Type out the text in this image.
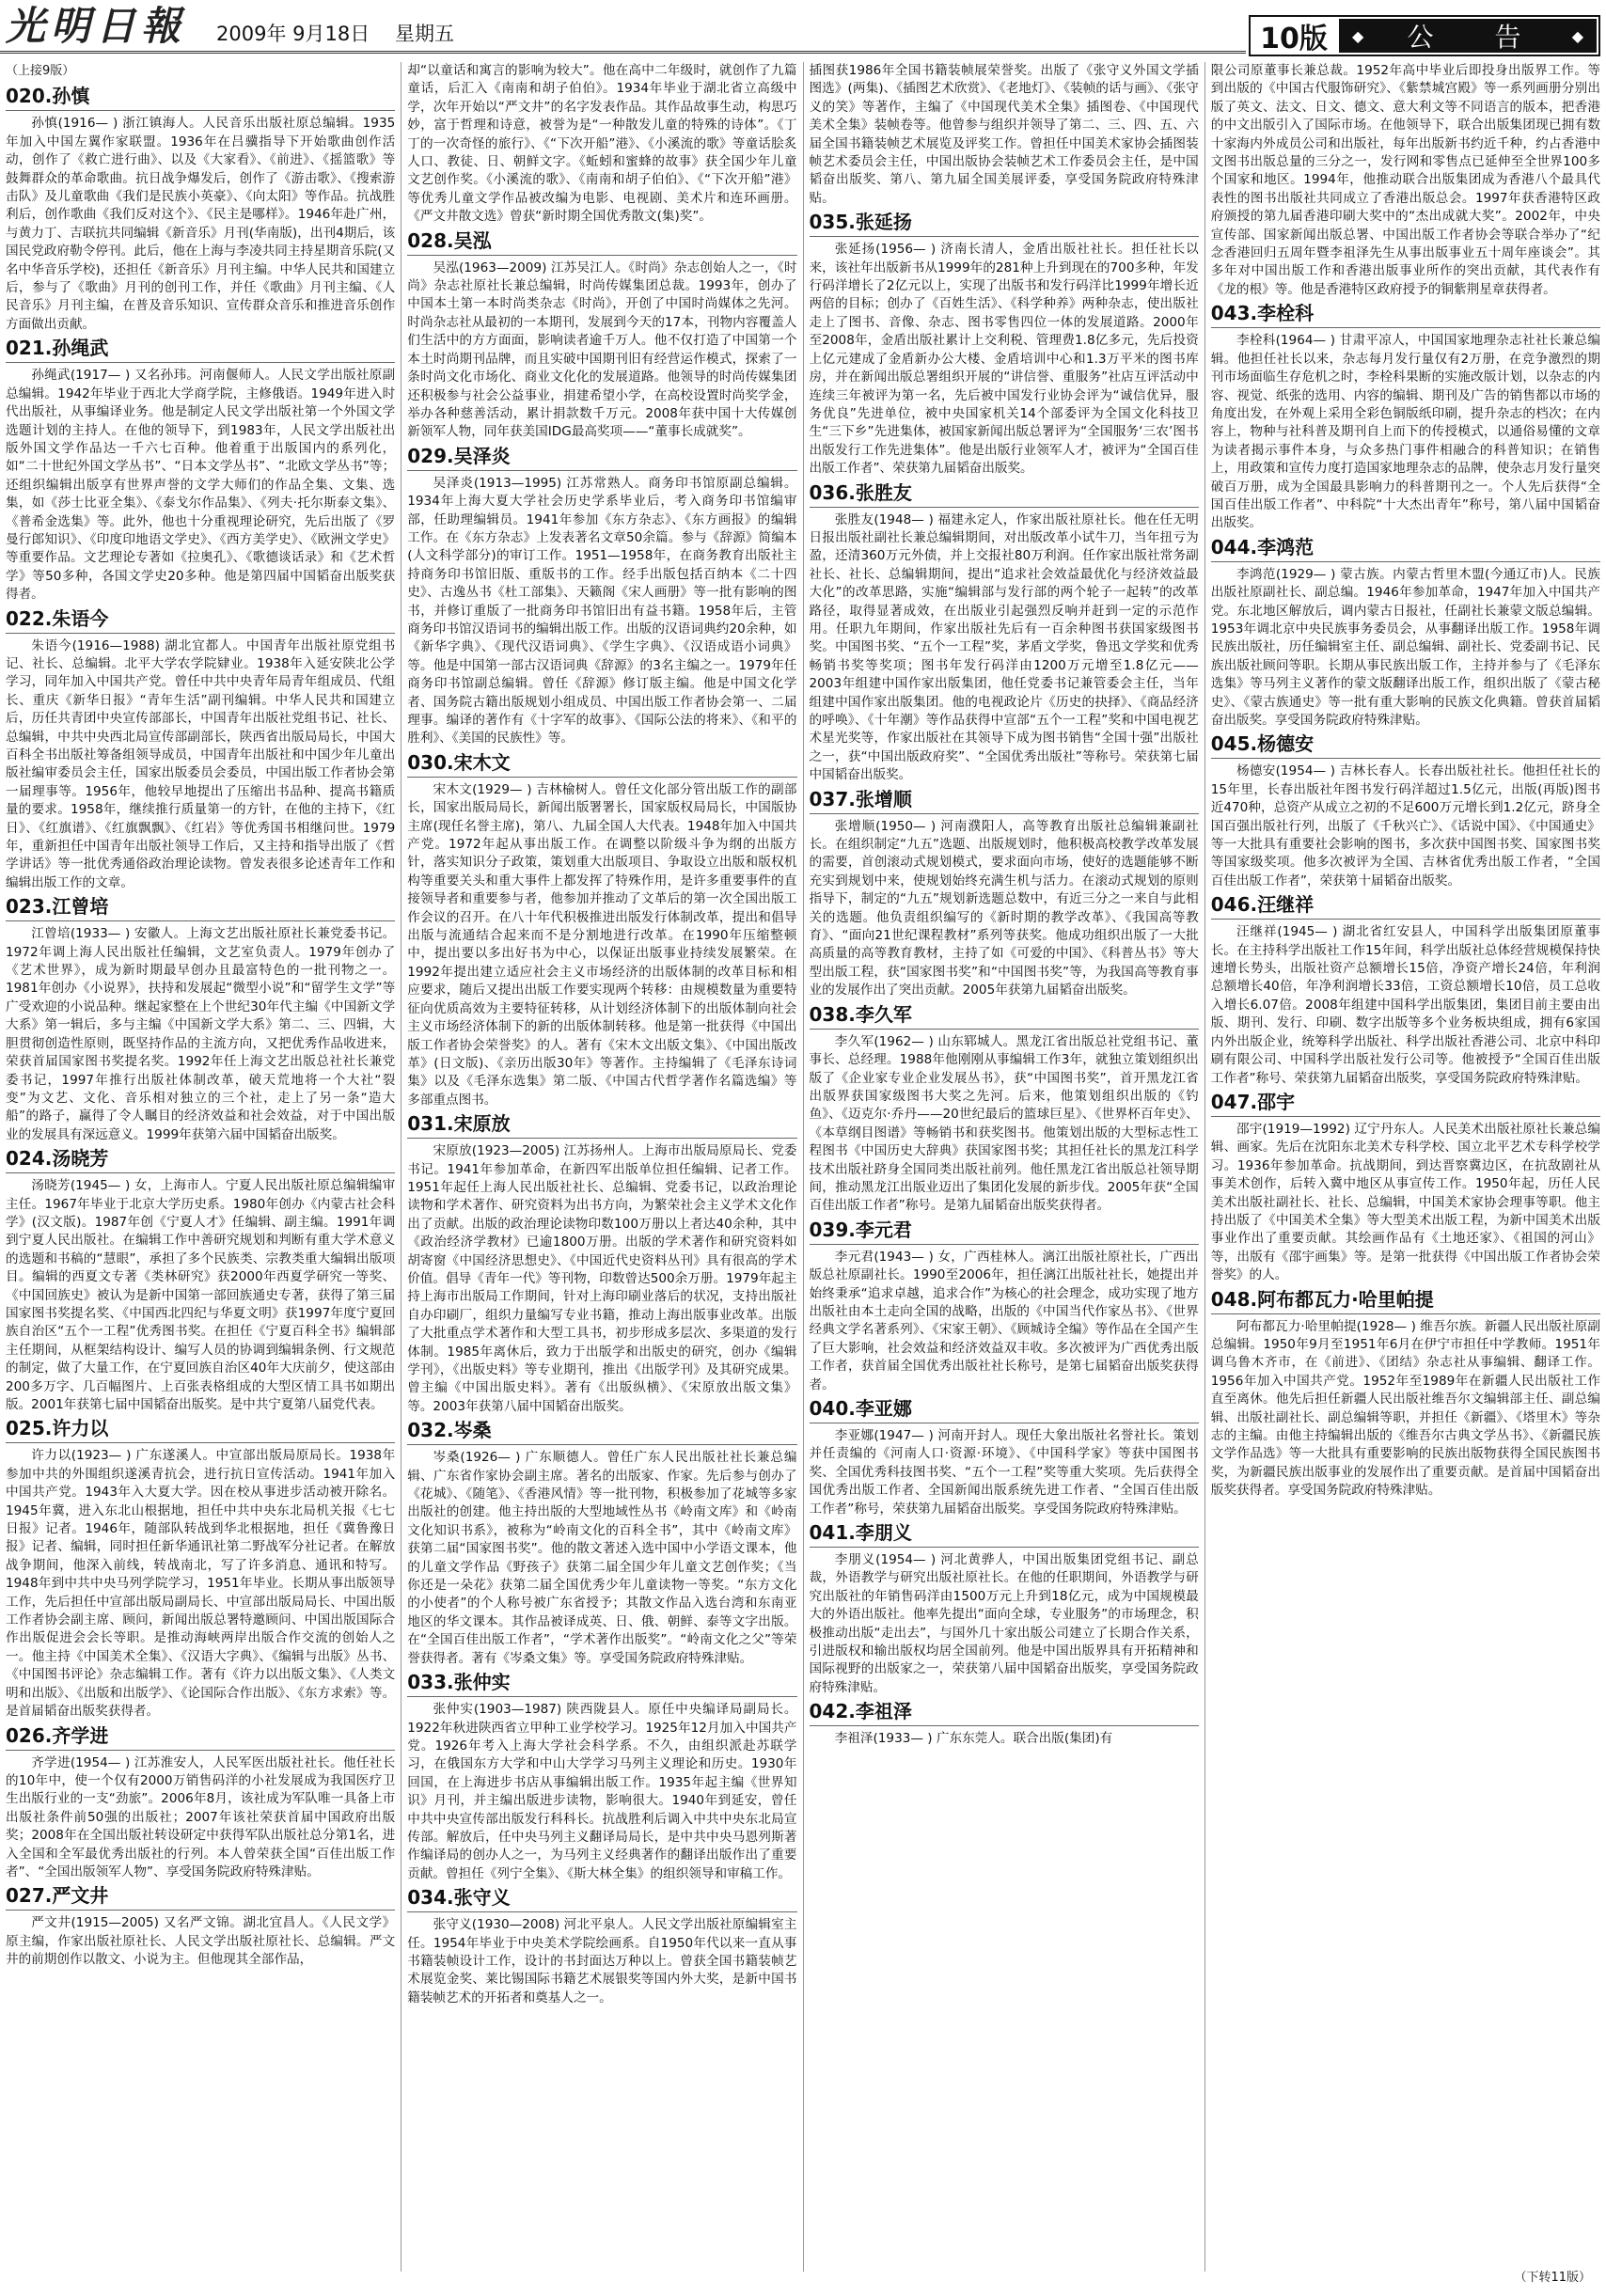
光明日報 2009年 9月18日 星期五	10版	◆ 公 告 ◆

（上接9版）

020.孙慎

孙慎(1916— ) 浙江镇海人。人民音乐出版社原总编辑。1935年加入中国左翼作家联盟。1936年在吕骥指导下开始歌曲创作活动，创作了《救亡进行曲》、以及《大家看》、《前进》、《摇篮歌》等鼓舞群众的革命歌曲。抗日战争爆发后，创作了《游击歌》、《搜索游击队》及儿童歌曲《我们是民族小英豪》、《向太阳》等作品。抗战胜利后，创作歌曲《我们反对这个》、《民主是哪样》。1946年赴广州，与黄力丁、吉联抗共同编辑《新音乐》月刊(华南版)，出刊4期后，该国民党政府勒令停刊。此后，他在上海与李凌共同主持星期音乐院(又名中华音乐学校)，还担任《新音乐》月刊主编。中华人民共和国建立后，参与了《歌曲》月刊的创刊工作，并任《歌曲》月刊主编、《人民音乐》月刊主编，在普及音乐知识、宣传群众音乐和推进音乐创作方面做出贡献。

021.孙绳武

孙绳武(1917— ) 又名孙玮。河南偃师人。人民文学出版社原副总编辑。1942年毕业于西北大学商学院，主修俄语。1949年进入时代出版社，从事编译业务。他是制定人民文学出版社第一个外国文学选题计划的主持人。在他的领导下，到1983年，人民文学出版社出版外国文学作品达一千六七百种。他着重于出版国内的系列化，如“二十世纪外国文学丛书”、“日本文学丛书”、“北欧文学丛书”等；还组织编辑出版享有世界声誉的文学大师们的作品全集、文集、选集，如《莎士比亚全集》、《泰戈尔作品集》、《列夫·托尔斯泰文集》、《普希金选集》等。此外，他也十分重视理论研究，先后出版了《罗曼行郎知识》、《印度印地语文学史》、《西方美学史》、《欧洲文学史》等重要作品。文艺理论专著如《拉奥孔》、《歌德谈话录》和《艺术哲学》等50多种，各国文学史20多种。他是第四届中国韬奋出版奖获得者。

022.朱语今

朱语今(1916—1988) 湖北宜都人。中国青年出版社原党组书记、社长、总编辑。北平大学农学院肄业。1938年入延安陕北公学学习，同年加入中国共产党。曾任中共中央青年局青年组成员、代组长、重庆《新华日报》“青年生活”副刊编辑。中华人民共和国建立后，历任共青团中央宣传部部长，中国青年出版社党组书记、社长、总编辑，中共中央西北局宣传部副部长，陕西省出版局局长，中国大百科全书出版社筹备组领导成员，中国青年出版社和中国少年儿童出版社编审委员会主任，国家出版委员会委员，中国出版工作者协会第一届理事等。1956年，他较早地提出了压缩出书品种、提高书籍质量的要求。1958年，继续推行质量第一的方针，在他的主持下，《红日》、《红旗谱》、《红旗飘飘》、《红岩》等优秀国书相继问世。1979年，重新担任中国青年出版社领导工作后，又主持和指导出版了《哲学讲话》等一批优秀通俗政治理论读物。曾发表很多论述青年工作和编辑出版工作的文章。

023.江曾培

江曾培(1933— ) 安徽人。上海文艺出版社原社长兼党委书记。1972年调上海人民出版社任编辑，文艺室负责人。1979年创办了《艺术世界》，成为新时期最早创办且最富特色的一批刊物之一。1981年创办《小说界》，扶持和发展起“微型小说”和“留学生文学”等广受欢迎的小说品种。继起家整在上个世纪30年代主编《中国新文学大系》第一辑后，多与主编《中国新文学大系》第二、三、四辑，大胆贯彻创造性原则，既坚持作品的主流方向，又把优秀作品收进来，荣获首届国家图书奖提名奖。1992年任上海文艺出版总社社长兼党委书记，1997年推行出版社体制改革，破天荒地将一个大社“裂变”为文艺、文化、音乐相对独立的三个社，走上了另一条“造大船”的路子，赢得了令人瞩目的经济效益和社会效益，对于中国出版业的发展具有深远意义。1999年获第六届中国韬奋出版奖。

024.汤晓芳

汤晓芳(1945— ) 女，上海市人。宁夏人民出版社原总编辑编审主任。1967年毕业于北京大学历史系。1980年创办《内蒙古社会科学》(汉文版)。1987年创《宁夏人才》任编辑、副主编。1991年调到宁夏人民出版社。在编辑工作中善研究规划和判断有重大学术意义的选题和书稿的“慧眼”，承担了多个民族类、宗教类重大编辑出版项目。编辑的西夏文专著《类林研究》获2000年西夏学研究一等奖、《中国回族史》被认为是新中国第一部回族通史专著，获得了第三届国家图书奖提名奖、《中国西北四纪与华夏文明》获1997年度宁夏回族自治区“五个一工程”优秀图书奖。在担任《宁夏百科全书》编辑部主任期间，从框架结构设计、编写人员的协调到编辑条例、行文规范的制定，做了大量工作，在宁夏回族自治区40年大庆前夕，使这部由200多万字、几百幅图片、上百张表格组成的大型区情工具书如期出版。2001年获第七届中国韬奋出版奖。是中共宁夏第八届党代表。

025.许力以

许力以(1923— ) 广东遂溪人。中宣部出版局原局长。1938年参加中共的外围组织遂溪青抗会，进行抗日宣传活动。1941年加入中国共产党。1943年入大夏大学。因在校从事进步活动被开除名。1945年冀，进入东北山根据地，担任中共中央东北局机关报《七七日报》记者。1946年，随部队转战到华北根据地，担任《冀鲁豫日报》记者、编辑，同时担任新华通讯社第二野战军分社记者。在解放战争期间，他深入前线，转战南北，写了许多消息、通讯和特写。1948年到中共中央马列学院学习，1951年毕业。长期从事出版领导工作，先后担任中宣部出版局副局长、中宣部出版局局长、中国出版工作者协会副主席、顾问，新闻出版总署特邀顾问、中国出版国际合作出版促进会会长等职。是推动海峡两岸出版合作交流的创始人之一。他主持《中国美术全集》、《汉语大字典》、《编辑与出版》丛书、《中国图书评论》杂志编辑工作。著有《许力以出版文集》、《人类文明和出版》、《出版和出版学》、《论国际合作出版》、《东方求索》等。是首届韬奋出版奖获得者。

026.齐学进

齐学进(1954— ) 江苏淮安人，人民军医出版社社长。他任社长的10年中，使一个仅有2000万销售码洋的小社发展成为我国医疗卫生出版行业的一支“劲旅”。2006年8月，该社成为军队唯一具备上市出版社条件前50强的出版社；2007年该社荣获首届中国政府出版奖；2008年在全国出版社转设研定中获得军队出版社总分第1名，进入全国和全军最优秀出版社的行列。本人曾荣获全国“百佳出版工作者”、“全国出版领军人物”、享受国务院政府特殊津贴。

027.严文井

严文井(1915—2005) 又名严文锦。湖北宜昌人。《人民文学》原主编，作家出版社原社长、人民文学出版社原社长、总编辑。严文井的前期创作以散文、小说为主。但他现其全部作品，

却“以童话和寓言的影响为较大”。他在高中二年级时，就创作了九篇童话，后汇入《南南和胡子伯伯》。1934年毕业于湖北省立高级中学，次年开始以“严文井”的名字发表作品。其作品故事生动，构思巧妙，富于哲理和诗意，被誉为是“一种散发儿童的特殊的诗体”。《丁丁的一次奇怪的旅行》、《“下次开船”港》、《小溪流的歌》等童话脍炙人口、教徒、日、朝鲜文字。《蚯蚓和蜜蜂的故事》获全国少年儿童文艺创作奖。《小溪流的歌》、《南南和胡子伯伯》、《“下次开船”港》等优秀儿童文学作品被改编为电影、电视剧、美术片和连环画册。《严文井散文选》曾获“新时期全国优秀散文(集)奖”。

028.吴泓

吴泓(1963—2009) 江苏吴江人。《时尚》杂志创始人之一，《时尚》杂志社原社长兼总编辑，时尚传媒集团总裁。1993年，创办了中国本土第一本时尚类杂志《时尚》，开创了中国时尚媒体之先河。时尚杂志社从最初的一本期刊，发展到今天的17本，刊物内容覆盖人们生活中的方方面面，影响读者逾千万人。他不仅打造了中国第一个本土时尚期刊品牌，而且实破中国期刊旧有经营运作模式，探索了一条时尚文化市场化、商业文化化的发展道路。他领导的时尚传媒集团还积极参与社会公益事业，捐建希望小学，在高校设置时尚奖学金，举办各种慈善活动，累计捐款数千万元。2008年获中国十大传媒创新领军人物，同年获美国IDG最高奖项——“董事长成就奖”。

029.吴泽炎

吴泽炎(1913—1995) 江苏常熟人。商务印书馆原副总编辑。1934年上海大夏大学社会历史学系毕业后，考入商务印书馆编审部，任助理编辑员。1941年参加《东方杂志》、《东方画报》的编辑工作。在《东方杂志》上发表著名文章50余篇。参与《辞源》简编本(人文科学部分)的审订工作。1951—1958年，在商务教育出版社主持商务印书馆旧版、重版书的工作。经手出版包括百纳本《二十四史》、古逸丛书《杜工部集》、天籁阁《宋人画册》等一批有影响的图书，并修订重版了一批商务印书馆旧出有益书籍。1958年后，主管商务印书馆汉语词书的编辑出版工作。出版的汉语词典约20余种，如《新华字典》、《现代汉语词典》、《学生字典》、《汉语成语小词典》等。他是中国第一部古汉语词典《辞源》的3名主编之一。1979年任商务印书馆副总编辑。曾任《辞源》修订版主编。他是中国文化学者、国务院古籍出版规划小组成员、中国出版工作者协会第一、二届理事。编译的著作有《十字军的故事》、《国际公法的将来》、《和平的胜利》、《美国的民族性》等。

030.宋木文

宋木文(1929— ) 吉林榆树人。曾任文化部分管出版工作的副部长，国家出版局局长，新闻出版署署长，国家版权局局长，中国版协主席(现任名誉主席)，第八、九届全国人大代表。1948年加入中国共产党。1972年起从事出版工作。在调整以阶级斗争为纲的出版方针，落实知识分子政策，策划重大出版项目、争取设立出版和版权机构等重要关头和重大事件上都发挥了特殊作用，是许多重要事件的直接领导者和重要参与者，他参加并推动了文革后的第一次全国出版工作会议的召开。在八十年代积极推进出版发行体制改革，提出和倡导出版与流通结合起来而不是分割地进行改革。在1990年压缩整顿中，提出要以多出好书为中心，以保证出版事业持续发展繁荣。在1992年提出建立适应社会主义市场经济的出版体制的改革目标和相应要求，随后又提出出版工作要实现两个转移：由规模数量为重要特征向优质高效为主要特征转移，从计划经济体制下的出版体制向社会主义市场经济体制下的新的出版体制转移。他是第一批获得《中国出版工作者协会荣誉奖》的人。著有《宋木文出版文集》、《中国出版改革》(日文版)、《亲历出版30年》等著作。主持编辑了《毛泽东诗词集》以及《毛泽东选集》第二版、《中国古代哲学著作名篇选编》等多部重点图书。

031.宋原放

宋原放(1923—2005) 江苏扬州人。上海市出版局原局长、党委书记。1941年参加革命，在新四军出版单位担任编辑、记者工作。1951年起任上海人民出版社社长、总编辑、党委书记，以政治理论读物和学术著作、研究资料为出书方向，为繁荣社会主义学术文化作出了贡献。出版的政治理论读物印数100万册以上者达40余种，其中《政治经济学教材》已逾1800万册。出版的学术著作和研究资料如胡寄窗《中国经济思想史》、《中国近代史资料丛刊》具有很高的学术价值。倡导《青年一代》等刊物，印数曾达500余万册。1979年起主持上海市出版局工作期间，针对上海印刷业落后的状况，支持出版社自办印刷厂，组织力量编写专业书籍，推动上海出版事业改革。出版了大批重点学术著作和大型工具书，初步形成多层次、多渠道的发行体制。1985年离休后，致力于出版学和出版史的研究，创办《编辑学刊》，《出版史料》等专业期刊，推出《出版学刊》及其研究成果。曾主编《中国出版史料》。著有《出版纵横》、《宋原放出版文集》等。2003年获第八届中国韬奋出版奖。

032.岑桑

岑桑(1926— ) 广东顺德人。曾任广东人民出版社社长兼总编辑、广东省作家协会副主席。著名的出版家、作家。先后参与创办了《花城》、《随笔》、《香港风情》等一批刊物，积极参加了花城等多家出版社的创建。他主持出版的大型地域性丛书《岭南文库》和《岭南文化知识书系》，被称为“岭南文化的百科全书”，其中《岭南文库》获第二届“国家图书奖”。他的散文著述入选中国中小学语文课本，他的儿童文学作品《野孩子》获第二届全国少年儿童文艺创作奖；《当你还是一朵花》获第二届全国优秀少年儿童读物一等奖。“东方文化的小使者”的个人称号被广东省授予；其散文作品入选台湾和东南亚地区的华文课本。其作品被译成英、日、俄、朝鲜、泰等文字出版。在“全国百佳出版工作者”，“学术著作出版奖”。“岭南文化之父”等荣誉获得者。著有《岑桑文集》等。享受国务院政府特殊津贴。

033.张仲实

张仲实(1903—1987) 陕西陇县人。原任中央编译局副局长。1922年秋进陕西省立甲种工业学校学习。1925年12月加入中国共产党。1926年考入上海大学社会科学系。不久，由组织派赴苏联学习，在俄国东方大学和中山大学学习马列主义理论和历史。1930年回国，在上海进步书店从事编辑出版工作。1935年起主编《世界知识》月刊，并主编出版进步读物，影响很大。1940年到延安，曾任中共中央宣传部出版发行科科长。抗战胜利后调入中共中央东北局宣传部。解放后，任中央马列主义翻译局局长，是中共中央马恩列斯著作编译局的创办人之一，为马列主义经典著作的翻译出版作出了重要贡献。曾担任《列宁全集》、《斯大林全集》的组织领导和审稿工作。

034.张守义

张守义(1930—2008) 河北平泉人。人民文学出版社原编辑室主任。1954年毕业于中央美术学院绘画系。自1950年代以来一直从事书籍装帧设计工作，设计的书封面达万种以上。曾获全国书籍装帧艺术展览金奖、莱比锡国际书籍艺术展银奖等国内外大奖，是新中国书籍装帧艺术的开拓者和奠基人之一。

插图获1986年全国书籍装帧展荣誉奖。出版了《张守义外国文学插图选》(两集)、《插图艺术欣赏》、《老地灯》、《装帧的话与画》、《张守义的笑》等著作，主编了《中国现代美术全集》插图卷、《中国现代美术全集》装帧卷等。他曾参与组织并领导了第二、三、四、五、六届全国书籍装帧艺术展览及评奖工作。曾担任中国美术家协会插图装帧艺术委员会主任，中国出版协会装帧艺术工作委员会主任，是中国韬奋出版奖、第八、第九届全国美展评委，享受国务院政府特殊津贴。

035.张延扬

张延扬(1956— ) 济南长清人，金盾出版社社长。担任社长以来，该社年出版新书从1999年的281种上升到现在的700多种，年发行码洋增长了2亿元以上，实现了出版书和发行码洋比1999年增长近两倍的目标；创办了《百姓生活》、《科学种养》两种杂志，使出版社走上了图书、音像、杂志、图书零售四位一体的发展道路。2000年至2008年，金盾出版社累计上交利税、管理费1.8亿多元，先后投资上亿元建成了金盾新办公大楼、金盾培训中心和1.3万平米的图书库房，并在新闻出版总署组织开展的“讲信誉、重服务”社店互评活动中连续三年被评为第一名，先后被中国发行业协会评为“诚信优异，服务优良”先进单位，被中央国家机关14个部委评为全国文化科技卫生“三下乡”先进集体，被国家新闻出版总署评为“全国服务‘三农’图书出版发行工作先进集体”。他是出版行业领军人才，被评为“全国百佳出版工作者”、荣获第九届韬奋出版奖。

036.张胜友

张胜友(1948— ) 福建永定人，作家出版社原社长。他在任无明日报出版社副社长兼总编辑期间，对出版改革小试牛刀，当年扭亏为盈，还清360万元外债，并上交报社80万利润。任作家出版社常务副社长、社长、总编辑期间，提出“追求社会效益最优化与经济效益最大化”的改革思路，实施“编辑部与发行部的两个轮子一起转”的改革路径，取得显著成效，在出版业引起强烈反响并赶到一定的示范作用。任职九年期间，作家出版社先后有一百余种图书获国家级图书奖。中国图书奖、“五个一工程”奖，茅盾文学奖，鲁迅文学奖和优秀畅销书奖等奖项；图书年发行码洋由1200万元增至1.8亿元——2003年组建中国作家出版集团，他任党委书记兼管委会主任，当年组建中国作家出版集团。他的电视政论片《历史的抉择》、《商品经济的呼唤》、《十年潮》等作品获得中宣部“五个一工程”奖和中国电视艺术星光奖等，作家出版社在其领导下成为图书销售“全国十强”出版社之一，获“中国出版政府奖”、“全国优秀出版社”等称号。荣获第七届中国韬奋出版奖。

037.张增顺

张增顺(1950— ) 河南濮阳人，高等教育出版社总编辑兼副社长。在组织制定“九五”选题、出版规划时，他积极高校教学改革发展的需要，首创滚动式规划模式，要求面向市场，使好的选题能够不断充实到规划中来，使规划始终充满生机与活力。在滚动式规划的原则指导下，制定的“九五”规划新选题总数中，有近三分之一来自与此相关的选题。他负责组织编写的《新时期的教学改革》、《我国高等教育》、“面向21世纪课程教材”系列等获奖。他成功组织出版了一大批高质量的高等教育教材，主持了如《可爱的中国》、《科普丛书》等大型出版工程，获“国家图书奖”和“中国图书奖”等，为我国高等教育事业的发展作出了突出贡献。2005年获第九届韬奋出版奖。

038.李久军

李久军(1962— ) 山东郓城人。黑龙江省出版总社党组书记、董事长、总经理。1988年他刚刚从事编辑工作3年，就独立策划组织出版了《企业家专业企业发展丛书》，获“中国图书奖”，首开黑龙江省出版界获国家级图书大奖之先河。后来，他策划组织出版的《钓鱼》、《迈克尔·乔丹——20世纪最后的篮球巨星》、《世界杯百年史》、《本草纲目图谱》等畅销书和获奖图书。他策划出版的大型标志性工程图书《中国历史大辞典》获国家图书奖；其担任社长的黑龙江科学技术出版社跻身全国同类出版社前列。他任黑龙江省出版总社领导期间，推动黑龙江出版业迈出了集团化发展的新步伐。2005年获“全国百佳出版工作者”称号。是第九届韬奋出版奖获得者。

039.李元君

李元君(1943— ) 女，广西桂林人。漓江出版社原社长，广西出版总社原副社长。1990至2006年，担任漓江出版社社长，她提出并始终秉承“追求卓越，追求合作”为核心的社会理念，成功实现了地方出版社由本土走向全国的战略，出版的《中国当代作家丛书》、《世界经典文学名著系列》、《宋家王朝》、《顾城诗全编》等作品在全国产生了巨大影响，社会效益和经济效益双丰收。多次被评为广西优秀出版工作者，获首届全国优秀出版社社长称号，是第七届韬奋出版奖获得者。

040.李亚娜

李亚娜(1947— ) 河南开封人。现任大象出版社名誉社长。策划并任责编的《河南人口·资源·环境》、《中国科学家》等获中国图书奖、全国优秀科技图书奖、“五个一工程”奖等重大奖项。先后获得全国优秀出版工作者、全国新闻出版系统先进工作者、“全国百佳出版工作者”称号，荣获第九届韬奋出版奖。享受国务院政府特殊津贴。

041.李朋义

李朋义(1954— ) 河北黄骅人，中国出版集团党组书记、副总裁，外语教学与研究出版社原社长。在他的任职期间，外语教学与研究出版社的年销售码洋由1500万元上升到18亿元，成为中国规模最大的外语出版社。他率先提出“面向全球，专业服务”的市场理念，积极推动出版“走出去”，与国外几十家出版公司建立了长期合作关系，引进版权和输出版权均居全国前列。他是中国出版界具有开拓精神和国际视野的出版家之一，荣获第八届中国韬奋出版奖，享受国务院政府特殊津贴。

042.李祖泽

李祖泽(1933— ) 广东东莞人。联合出版(集团)有

限公司原董事长兼总裁。1952年高中毕业后即投身出版界工作。等到出版的《中国古代服饰研究》、《紫禁城宫殿》等一系列画册分别出版了英文、法文、日文、德文、意大利文等不同语言的版本，把香港的中文出版引入了国际市场。在他领导下，联合出版集团现已拥有数十家海内外成员公司和出版社，每年出版新书约近千种，约占香港中文图书出版总量的三分之一，发行网和零售点已延伸至全世界100多个国家和地区。1994年，他推动联合出版集团成为香港八个最具代表性的图书出版社共同成立了香港出版总会。1997年获香港特区政府颁授的第九届香港印刷大奖中的“杰出成就大奖”。2002年，中央宣传部、国家新闻出版总署、中国出版工作者协会等联合举办了“纪念香港回归五周年暨李祖泽先生从事出版事业五十周年座谈会”。其多年对中国出版工作和香港出版事业所作的突出贡献，其代表作有《龙的根》等。他是香港特区政府授予的铜紫荆星章获得者。

043.李栓科

李栓科(1964— ) 甘肃平凉人，中国国家地理杂志社社长兼总编辑。他担任社长以来，杂志每月发行量仅有2万册，在竞争激烈的期刊市场面临生存危机之时，李栓科果断的实施改版计划，以杂志的内容、视觉、纸张的选用、内容的编辑、期刊及广告的销售都以市场的角度出发，在外观上采用全彩色铜版纸印刷，提升杂志的档次；在内容上，物种与社科普及期刊自上而下的传授模式，以通俗易懂的文章为读者揭示事件本身，与众多热门事件相融合的科普知识；在销售上，用政策和宣传力度打造国家地理杂志的品牌，使杂志月发行量突破百万册，成为全国最具影响力的科普期刊之一。个人先后获得“全国百佳出版工作者”、中科院“十大杰出青年”称号，第八届中国韬奋出版奖。

044.李鸿范

李鸿范(1929— ) 蒙古族。内蒙古哲里木盟(今通辽市)人。民族出版社原副社长、副总编。1946年参加革命，1947年加入中国共产党。东北地区解放后，调内蒙古日报社，任副社长兼蒙文版总编辑。1953年调北京中央民族事务委员会，从事翻译出版工作。1958年调民族出版社，历任编辑室主任、副总编辑、副社长、党委副书记、民族出版社顾问等职。长期从事民族出版工作，主持并参与了《毛泽东选集》等马列主义著作的蒙文版翻译出版工作，组织出版了《蒙古秘史》、《蒙古族通史》等一批有重大影响的民族文化典籍。曾获首届韬奋出版奖。享受国务院政府特殊津贴。

045.杨德安

杨德安(1954— ) 吉林长春人。长春出版社社长。他担任社长的15年里，长春出版社年图书发行码洋超过1.5亿元，出版(再版)图书近470种，总资产从成立之初的不足600万元增长到1.2亿元，跻身全国百强出版社行列，出版了《千秋兴亡》、《话说中国》、《中国通史》等一大批具有重要社会影响的图书，多次获中国图书奖、国家图书奖等国家级奖项。他多次被评为全国、吉林省优秀出版工作者，“全国百佳出版工作者”，荣获第十届韬奋出版奖。

046.汪继祥

汪继祥(1945— ) 湖北省红安县人，中国科学出版集团原董事长。在主持科学出版社工作15年间，科学出版社总体经营规模保持快速增长势头，出版社资产总额增长15倍，净资产增长24倍，年利润总额增长40倍，年净利润增长33倍，工资总额增长10倍，员工总收入增长6.07倍。2008年组建中国科学出版集团，集团目前主要由出版、期刊、发行、印刷、数字出版等多个业务板块组成，拥有6家国内外出版企业，统筹科学出版社、科学出版社香港公司、北京中科印刷有限公司、中国科学出版社发行公司等。他被授予“全国百佳出版工作者”称号、荣获第九届韬奋出版奖，享受国务院政府特殊津贴。

047.邵宇

邵宇(1919—1992) 辽宁丹东人。人民美术出版社原社长兼总编辑、画家。先后在沈阳东北美术专科学校、国立北平艺术专科学校学习。1936年参加革命。抗战期间，到达晋察冀边区，在抗敌剧社从事美术创作，后转入冀中地区从事宣传工作。1950年起，历任人民美术出版社副社长、社长、总编辑，中国美术家协会理事等职。他主持出版了《中国美术全集》等大型美术出版工程，为新中国美术出版事业作出了重要贡献。其绘画作品有《土地还家》、《祖国的河山》等，出版有《邵宇画集》等。是第一批获得《中国出版工作者协会荣誉奖》的人。

048.阿布都瓦力·哈里帕提

阿布都瓦力·哈里帕提(1928— ) 维吾尔族。新疆人民出版社原副总编辑。1950年9月至1951年6月在伊宁市担任中学教师。1951年调乌鲁木齐市，在《前进》、《团结》杂志社从事编辑、翻译工作。1956年加入中国共产党。1952年至1989年在新疆人民出版社工作直至离休。他先后担任新疆人民出版社维吾尔文编辑部主任、副总编辑、出版社副社长、副总编辑等职，并担任《新疆》、《塔里木》等杂志的主编。由他主持编辑出版的《维吾尔古典文学丛书》、《新疆民族文学作品选》等一大批具有重要影响的民族出版物获得全国民族图书奖，为新疆民族出版事业的发展作出了重要贡献。是首届中国韬奋出版奖获得者。享受国务院政府特殊津贴。

（下转11版）
